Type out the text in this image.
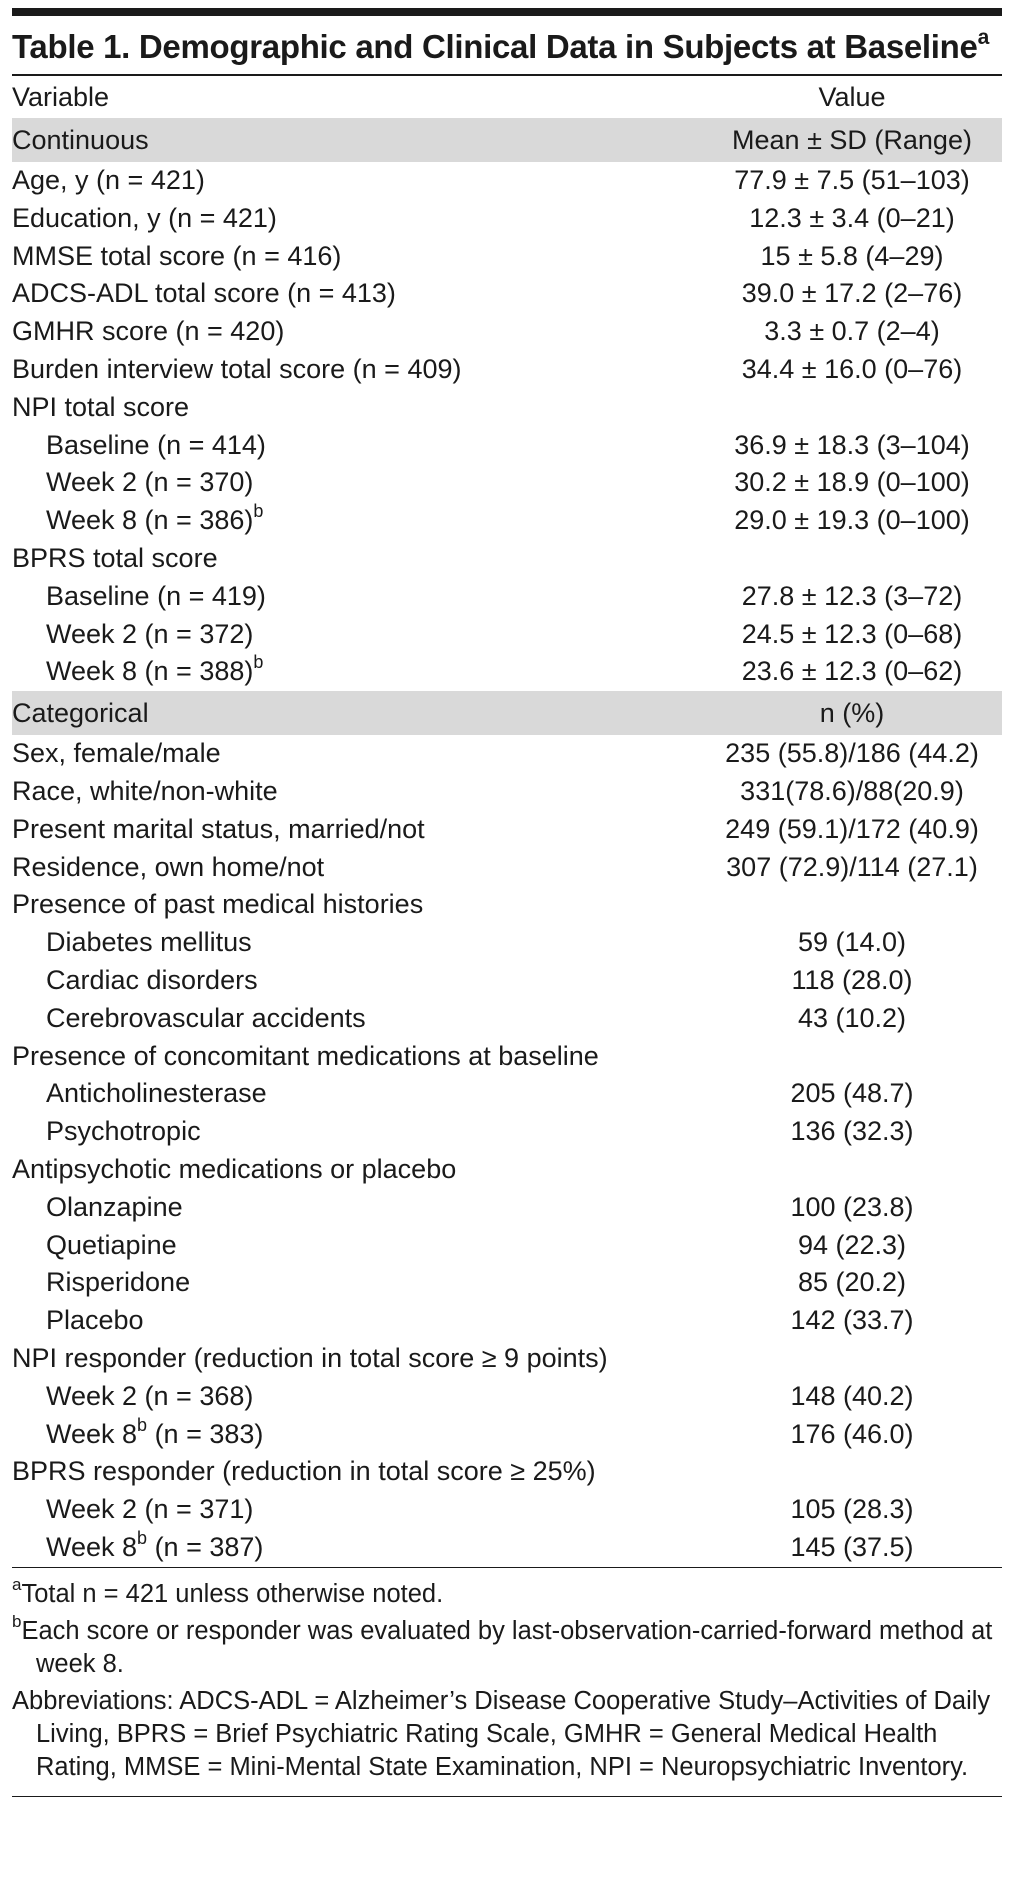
Table 1. Demographic and Clinical Data in Subjects at Baseline$^a$
Variable	Value
Continuous	Mean ± SD (Range)
Age, y (n = 421)	77.9 ± 7.5 (51–103)
Education, y (n = 421)	12.3 ± 3.4 (0–21)
MMSE total score (n = 416)	15 ± 5.8 (4–29)
ADCS-ADL total score (n = 413)	39.0 ± 17.2 (2–76)
GMHR score (n = 420)	3.3 ± 0.7 (2–4)
Burden interview total score (n = 409)	34.4 ± 16.0 (0–76)
NPI total score	
Baseline (n = 414)	36.9 ± 18.3 (3–104)
Week 2 (n = 370)	30.2 ± 18.9 (0–100)
Week 8 (n = 386)$^b$	29.0 ± 19.3 (0–100)
BPRS total score	
Baseline (n = 419)	27.8 ± 12.3 (3–72)
Week 2 (n = 372)	24.5 ± 12.3 (0–68)
Week 8 (n = 388)$^b$	23.6 ± 12.3 (0–62)
Categorical	n (%)
Sex, female/male	235 (55.8)/186 (44.2)
Race, white/non-white	331(78.6)/88(20.9)
Present marital status, married/not	249 (59.1)/172 (40.9)
Residence, own home/not	307 (72.9)/114 (27.1)
Presence of past medical histories	
Diabetes mellitus	59 (14.0)
Cardiac disorders	118 (28.0)
Cerebrovascular accidents	43 (10.2)
Presence of concomitant medications at baseline	
Anticholinesterase	205 (48.7)
Psychotropic	136 (32.3)
Antipsychotic medications or placebo	
Olanzapine	100 (23.8)
Quetiapine	94 (22.3)
Risperidone	85 (20.2)
Placebo	142 (33.7)
NPI responder (reduction in total score ≥ 9 points)	
Week 2 (n = 368)	148 (40.2)
Week 8$^b$ (n = 383)	176 (46.0)
BPRS responder (reduction in total score ≥ 25%)	
Week 2 (n = 371)	105 (28.3)
Week 8$^b$ (n = 387)	145 (37.5)
$^a$Total n = 421 unless otherwise noted.
$^b$Each score or responder was evaluated by last-observation-carried-forward method at week 8.
Abbreviations: ADCS-ADL = Alzheimer’s Disease Cooperative Study–Activities of Daily Living, BPRS = Brief Psychiatric Rating Scale, GMHR = General Medical Health Rating, MMSE = Mini-Mental State Examination, NPI = Neuropsychiatric Inventory.
